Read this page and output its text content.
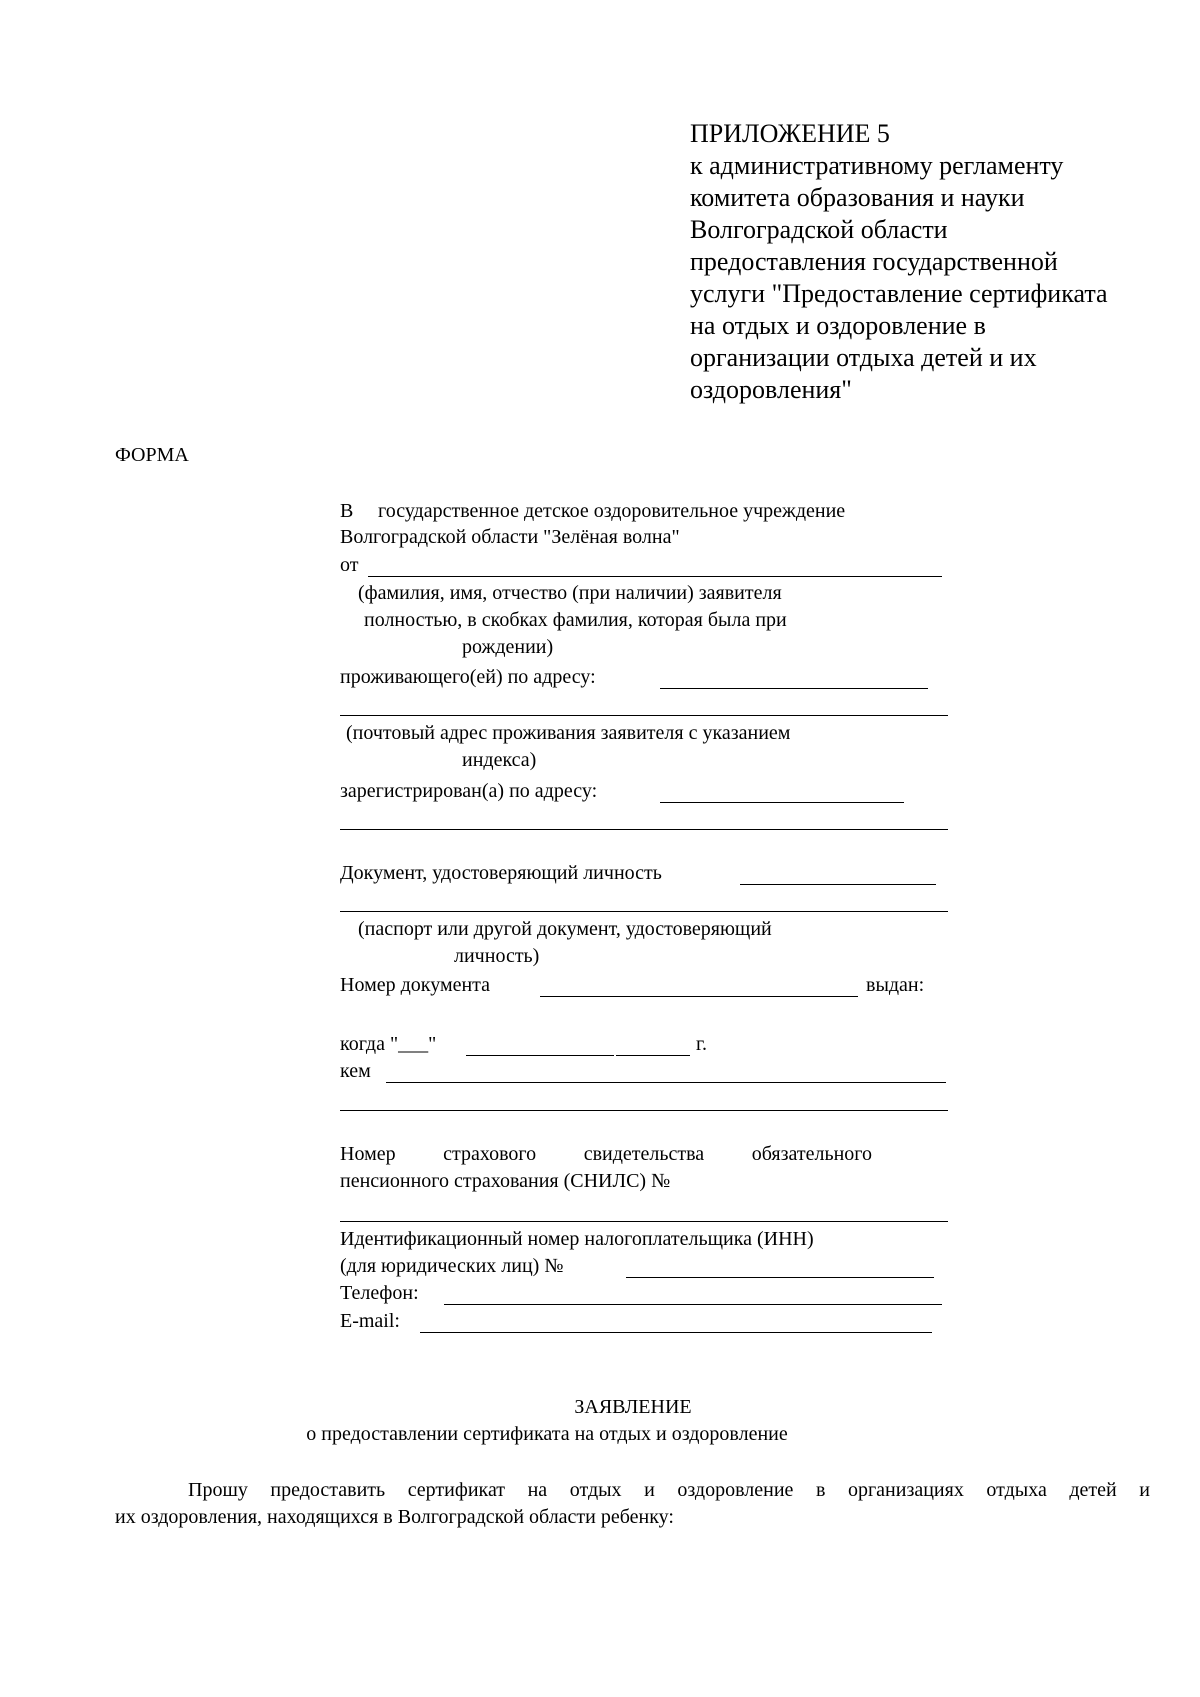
ПРИЛОЖЕНИЕ 5
к административному регламенту
комитета образования и науки
Волгоградской области
предоставления государственной
услуги "Предоставление сертификата
на отдых и оздоровление в
организации отдыха детей и их
оздоровления"
ФОРМА
В государственное детское оздоровительное учреждение
Волгоградской области "Зелёная волна"
от
(фамилия, имя, отчество (при наличии) заявителя
полностью, в скобках фамилия, которая была при
рождении)
проживающего(ей) по адресу:
(почтовый адрес проживания заявителя с указанием
индекса)
зарегистрирован(а) по адресу:
Документ, удостоверяющий личность
(паспорт или другой документ, удостоверяющий
личность)
Номер документа	выдан:
когда "___"	г.
кем
Номер страхового свидетельства обязательного
пенсионного страхования (СНИЛС) №
Идентификационный номер налогоплательщика (ИНН)
(для юридических лиц) №
Телефон:
E-mail:
ЗАЯВЛЕНИЕ
о предоставлении сертификата на отдых и оздоровление
Прошу предоставить сертификат на отдых и оздоровление в организациях отдыха детей и
их оздоровления, находящихся в Волгоградской области ребенку:
